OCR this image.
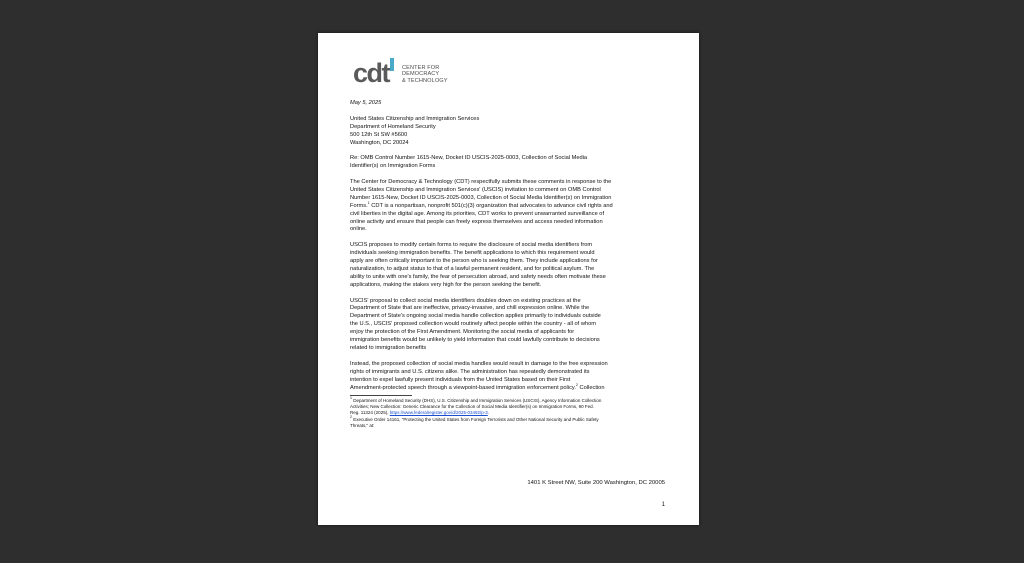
cdt CENTER FOR
DEMOCRACY
& TECHNOLOGY
May 5, 2025
United States Citizenship and Immigration Services
Department of Homeland Security
500 12th St SW #5600
Washington, DC 20024
Re: OMB Control Number 1615-New, Docket ID USCIS-2025-0003, Collection of Social Media
Identifier(s) on Immigration Forms
The Center for Democracy & Technology (CDT) respectfully submits these comments in response to the
United States Citizenship and Immigration Services' (USCIS) invitation to comment on OMB Control
Number 1615-New, Docket ID USCIS-2025-0003, Collection of Social Media Identifier(s) on Immigration
Forms.$^1$ CDT is a nonpartisan, nonprofit 501(c)(3) organization that advocates to advance civil rights and
civil liberties in the digital age. Among its priorities, CDT works to prevent unwarranted surveillance of
online activity and ensure that people can freely express themselves and access needed information
online.
USCIS proposes to modify certain forms to require the disclosure of social media identifiers from
individuals seeking immigration benefits. The benefit applications to which this requirement would
apply are often critically important to the person who is seeking them. They include applications for
naturalization, to adjust status to that of a lawful permanent resident, and for political asylum. The
ability to unite with one's family, the fear of persecution abroad, and safety needs often motivate these
applications, making the stakes very high for the person seeking the benefit.
USCIS' proposal to collect social media identifiers doubles down on existing practices at the
Department of State that are ineffective, privacy-invasive, and chill expression online. While the
Department of State's ongoing social media handle collection applies primarily to individuals outside
the U.S., USCIS' proposed collection would routinely affect people within the country - all of whom
enjoy the protection of the First Amendment. Monitoring the social media of applicants for
immigration benefits would be unlikely to yield information that could lawfully contribute to decisions
related to immigration benefits
Instead, the proposed collection of social media handles would result in damage to the free expression
rights of immigrants and U.S. citizens alike. The administration has repeatedly demonstrated its
intention to expel lawfully present individuals from the United States based on their First
Amendment-protected speech through a viewpoint-based immigration enforcement policy.$^2$ Collection
$^1$ Department of Homeland Security (DHS), U.S. Citizenship and Immigration Services (USCIS), Agency Information Collection
Activities; New Collection: Generic Clearance for the Collection of Social Media Identifier(s) on Immigration Forms, 90 Fed.
Reg. 11324 (2025), https://www.federalregister.gov/d/2025-03492/p-3.
$^2$ Executive Order 14161, "Protecting the United States from Foreign Terrorists and Other National Security and Public Safety
Threats," at:
1401 K Street NW, Suite 200 Washington, DC 20005
1
